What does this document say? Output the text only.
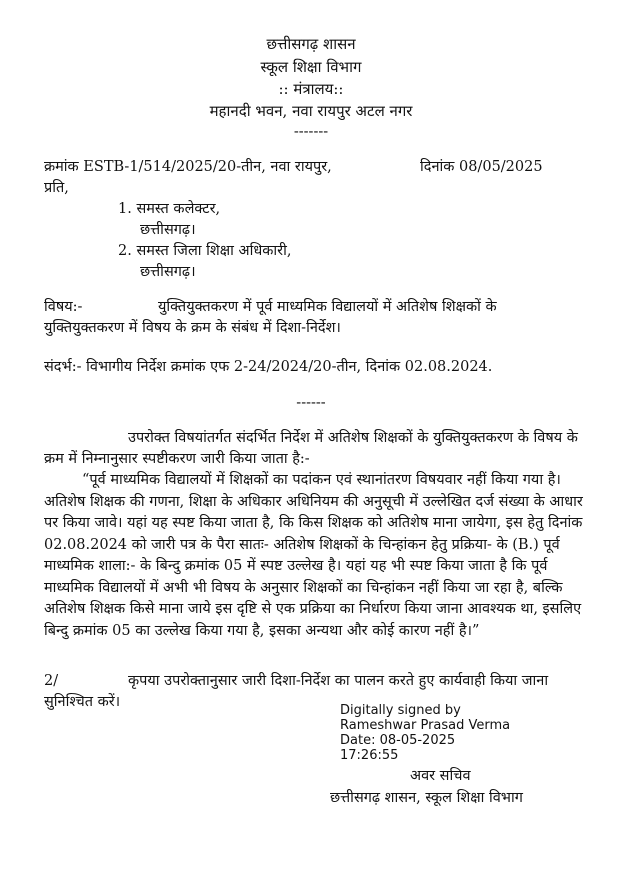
छत्तीसगढ़ शासन
स्कूल शिक्षा विभाग
:: मंत्रालय::
महानदी भवन, नवा रायपुर अटल नगर
-------
क्रमांक ESTB-1/514/2025/20-तीन, नवा रायपुर,	दिनांक 08/05/2025
प्रति,
1. समस्त कलेक्टर,
छत्तीसगढ़।
2. समस्त जिला शिक्षा अधिकारी,
छत्तीसगढ़।
विषय:-	युक्तियुक्तकरण में पूर्व माध्यमिक विद्यालयों में अतिशेष शिक्षकों के
युक्तियुक्तकरण में विषय के क्रम के संबंध में दिशा-निर्देश।
संदर्भ:- विभागीय निर्देश क्रमांक एफ 2-24/2024/20-तीन, दिनांक 02.08.2024.
------
उपरोक्त विषयांतर्गत संदर्भित निर्देश में अतिशेष शिक्षकों के युक्तियुक्तकरण के विषय के क्रम में निम्नानुसार स्पष्टीकरण जारी किया जाता है:-
“पूर्व माध्यमिक विद्यालयों में शिक्षकों का पदांकन एवं स्थानांतरण विषयवार नहीं किया गया है। अतिशेष शिक्षक की गणना, शिक्षा के अधिकार अधिनियम की अनुसूची में उल्लेखित दर्ज संख्या के आधार पर किया जावे। यहां यह स्पष्ट किया जाता है, कि किस शिक्षक को अतिशेष माना जायेगा, इस हेतु दिनांक 02.08.2024 को जारी पत्र के पैरा सातः- अतिशेष शिक्षकों के चिन्हांकन हेतु प्रक्रिया- के (B.) पूर्व माध्यमिक शाला:- के बिन्दु क्रमांक 05 में स्पष्ट उल्लेख है। यहां यह भी स्पष्ट किया जाता है कि पूर्व माध्यमिक विद्यालयों में अभी भी विषय के अनुसार शिक्षकों का चिन्हांकन नहीं किया जा रहा है, बल्कि अतिशेष शिक्षक किसे माना जाये इस दृष्टि से एक प्रक्रिया का निर्धारण किया जाना आवश्यक था, इसलिए बिन्दु क्रमांक 05 का उल्लेख किया गया है, इसका अन्यथा और कोई कारण नहीं है।”
2/	कृपया उपरोक्तानुसार जारी दिशा-निर्देश का पालन करते हुए कार्यवाही किया जाना सुनिश्चित करें।
Digitally signed by
Rameshwar Prasad Verma
Date: 08-05-2025
17:26:55
अवर सचिव
छत्तीसगढ़ शासन, स्कूल शिक्षा विभाग
